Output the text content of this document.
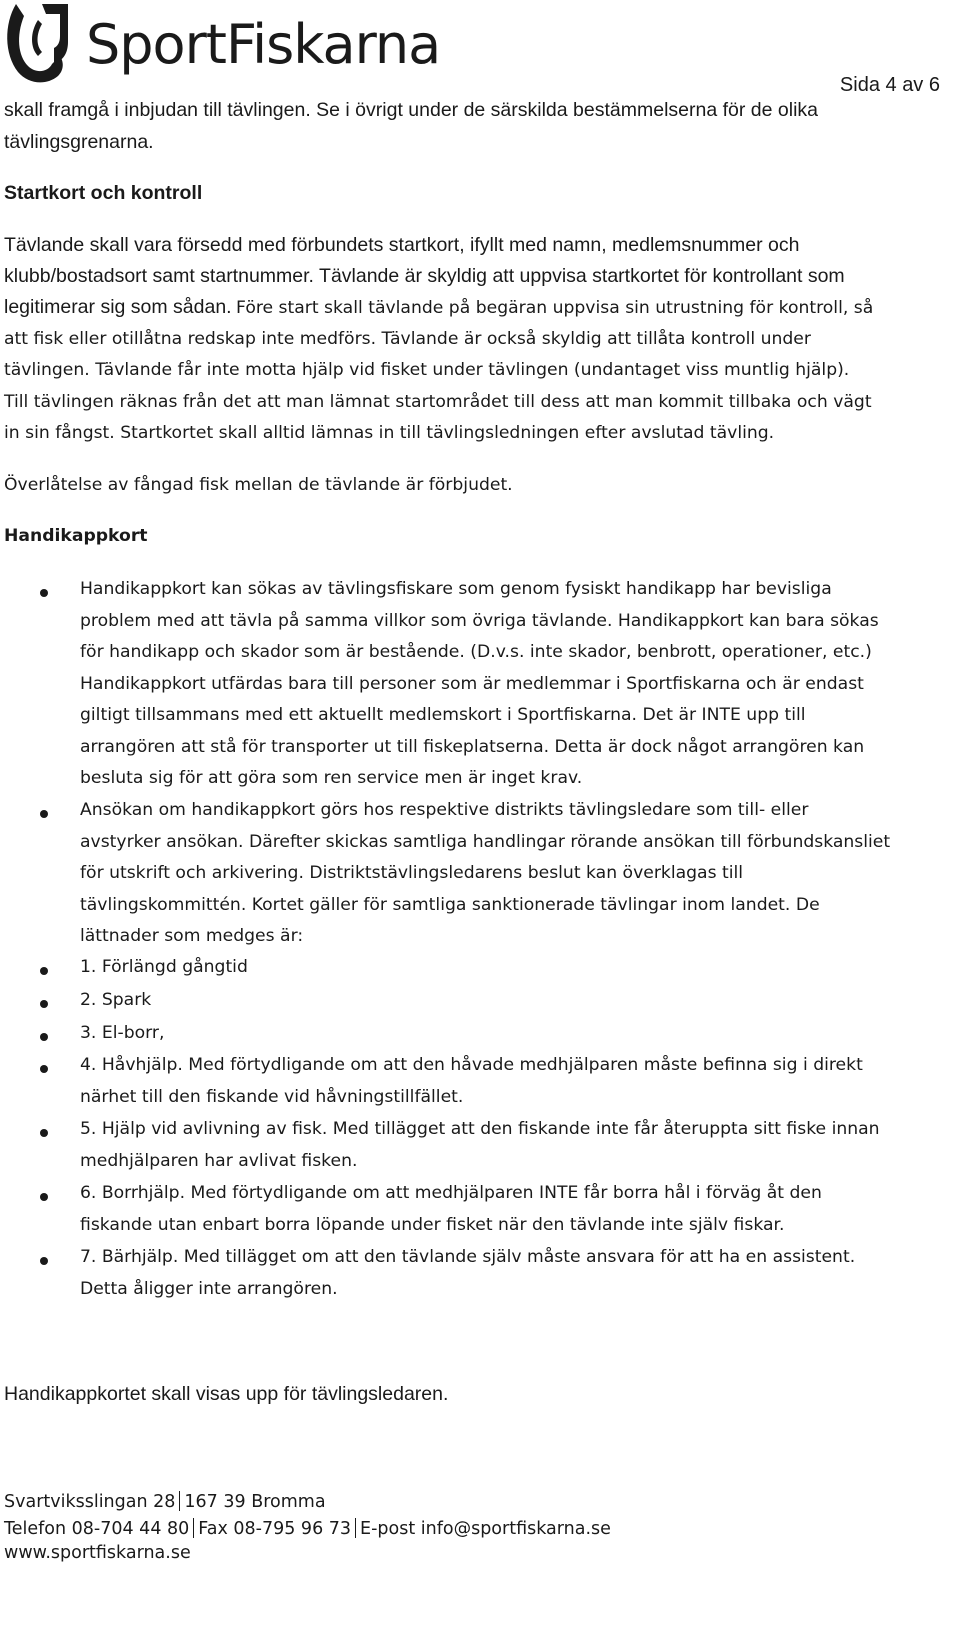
SportFiskarna
Sida 4 av 6
skall framgå i inbjudan till tävlingen. Se i övrigt under de särskilda bestämmelserna för de olika
tävlingsgrenarna.
Startkort och kontroll
Tävlande skall vara försedd med förbundets startkort, ifyllt med namn, medlemsnummer och
klubb/bostadsort samt startnummer. Tävlande är skyldig att uppvisa startkortet för kontrollant som
legitimerar sig som sådan. Före start skall tävlande på begäran uppvisa sin utrustning för kontroll, så
att fisk eller otillåtna redskap inte medförs. Tävlande är också skyldig att tillåta kontroll under
tävlingen. Tävlande får inte motta hjälp vid fisket under tävlingen (undantaget viss muntlig hjälp).
Till tävlingen räknas från det att man lämnat startområdet till dess att man kommit tillbaka och vägt
in sin fångst. Startkortet skall alltid lämnas in till tävlingsledningen efter avslutad tävling.
Överlåtelse av fångad fisk mellan de tävlande är förbjudet.
Handikappkort
Handikappkort kan sökas av tävlingsfiskare som genom fysiskt handikapp har bevisliga
problem med att tävla på samma villkor som övriga tävlande. Handikappkort kan bara sökas
för handikapp och skador som är bestående. (D.v.s. inte skador, benbrott, operationer, etc.)
Handikappkort utfärdas bara till personer som är medlemmar i Sportfiskarna och är endast
giltigt tillsammans med ett aktuellt medlemskort i Sportfiskarna. Det är INTE upp till
arrangören att stå för transporter ut till fiskeplatserna. Detta är dock något arrangören kan
besluta sig för att göra som ren service men är inget krav.
Ansökan om handikappkort görs hos respektive distrikts tävlingsledare som till- eller
avstyrker ansökan. Därefter skickas samtliga handlingar rörande ansökan till förbundskansliet
för utskrift och arkivering. Distriktstävlingsledarens beslut kan överklagas till
tävlingskommittén. Kortet gäller för samtliga sanktionerade tävlingar inom landet. De
lättnader som medges är:
1. Förlängd gångtid
2. Spark
3. El-borr,
4. Håvhjälp. Med förtydligande om att den håvade medhjälparen måste befinna sig i direkt
närhet till den fiskande vid håvningstillfället.
5. Hjälp vid avlivning av fisk. Med tillägget att den fiskande inte får återuppta sitt fiske innan
medhjälparen har avlivat fisken.
6. Borrhjälp. Med förtydligande om att medhjälparen INTE får borra hål i förväg åt den
fiskande utan enbart borra löpande under fisket när den tävlande inte själv fiskar.
7. Bärhjälp. Med tillägget om att den tävlande själv måste ansvara för att ha en assistent.
Detta åligger inte arrangören.
Handikappkortet skall visas upp för tävlingsledaren.
Svartviksslingan 28 167 39 Bromma
Telefon 08-704 44 80 Fax 08-795 96 73 E-post info@sportfiskarna.se
www.sportfiskarna.se
